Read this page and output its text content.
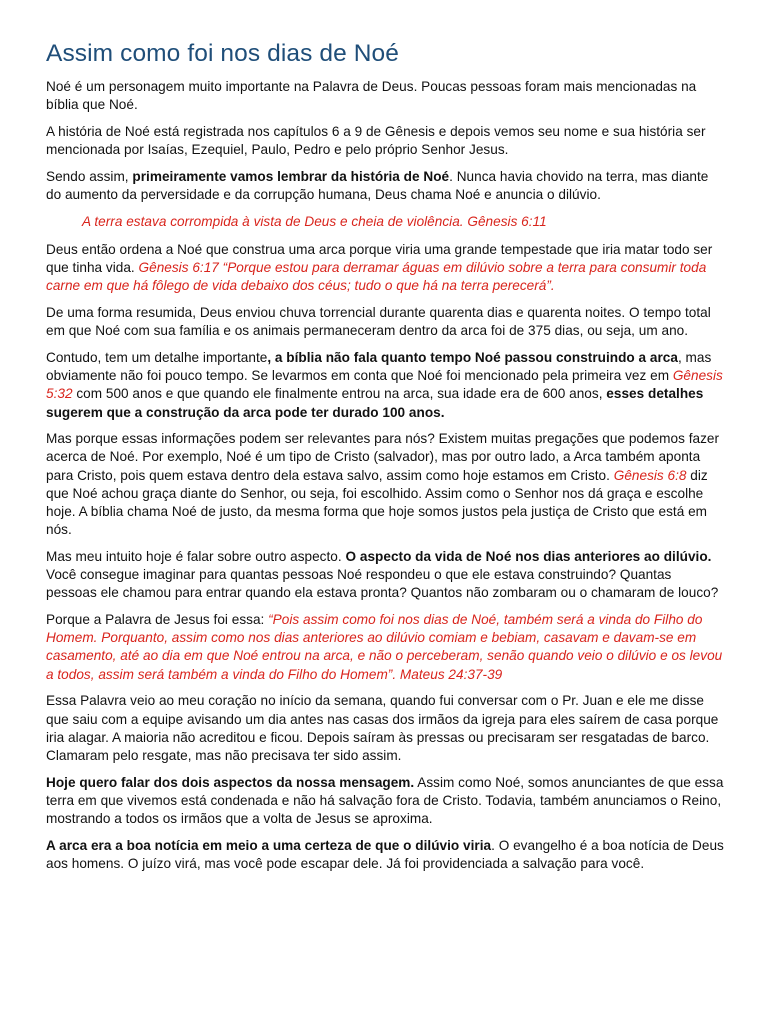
Assim como foi nos dias de Noé

Noé é um personagem muito importante na Palavra de Deus. Poucas pessoas foram mais mencionadas na bíblia que Noé.

A história de Noé está registrada nos capítulos 6 a 9 de Gênesis e depois vemos seu nome e sua história ser mencionada por Isaías, Ezequiel, Paulo, Pedro e pelo próprio Senhor Jesus.

Sendo assim, primeiramente vamos lembrar da história de Noé. Nunca havia chovido na terra, mas diante do aumento da perversidade e da corrupção humana, Deus chama Noé e anuncia o dilúvio.

A terra estava corrompida à vista de Deus e cheia de violência. Gênesis 6:11

Deus então ordena a Noé que construa uma arca porque viria uma grande tempestade que iria matar todo ser que tinha vida. Gênesis 6:17 “Porque estou para derramar águas em dilúvio sobre a terra para consumir toda carne em que há fôlego de vida debaixo dos céus; tudo o que há na terra perecerá”.

De uma forma resumida, Deus enviou chuva torrencial durante quarenta dias e quarenta noites. O tempo total em que Noé com sua família e os animais permaneceram dentro da arca foi de 375 dias, ou seja, um ano.

Contudo, tem um detalhe importante, a bíblia não fala quanto tempo Noé passou construindo a arca, mas obviamente não foi pouco tempo. Se levarmos em conta que Noé foi mencionado pela primeira vez em Gênesis 5:32 com 500 anos e que quando ele finalmente entrou na arca, sua idade era de 600 anos, esses detalhes sugerem que a construção da arca pode ter durado 100 anos.

Mas porque essas informações podem ser relevantes para nós? Existem muitas pregações que podemos fazer acerca de Noé. Por exemplo, Noé é um tipo de Cristo (salvador), mas por outro lado, a Arca também aponta para Cristo, pois quem estava dentro dela estava salvo, assim como hoje estamos em Cristo. Gênesis 6:8 diz que Noé achou graça diante do Senhor, ou seja, foi escolhido. Assim como o Senhor nos dá graça e escolhe hoje. A bíblia chama Noé de justo, da mesma forma que hoje somos justos pela justiça de Cristo que está em nós.

Mas meu intuito hoje é falar sobre outro aspecto. O aspecto da vida de Noé nos dias anteriores ao dilúvio. Você consegue imaginar para quantas pessoas Noé respondeu o que ele estava construindo? Quantas pessoas ele chamou para entrar quando ela estava pronta? Quantos não zombaram ou o chamaram de louco?

Porque a Palavra de Jesus foi essa: “Pois assim como foi nos dias de Noé, também será a vinda do Filho do Homem. Porquanto, assim como nos dias anteriores ao dilúvio comiam e bebiam, casavam e davam-se em casamento, até ao dia em que Noé entrou na arca, e não o perceberam, senão quando veio o dilúvio e os levou a todos, assim será também a vinda do Filho do Homem”. Mateus 24:37-39

Essa Palavra veio ao meu coração no início da semana, quando fui conversar com o Pr. Juan e ele me disse que saiu com a equipe avisando um dia antes nas casas dos irmãos da igreja para eles saírem de casa porque iria alagar. A maioria não acreditou e ficou. Depois saíram às pressas ou precisaram ser resgatadas de barco. Clamaram pelo resgate, mas não precisava ter sido assim.

Hoje quero falar dos dois aspectos da nossa mensagem. Assim como Noé, somos anunciantes de que essa terra em que vivemos está condenada e não há salvação fora de Cristo. Todavia, também anunciamos o Reino, mostrando a todos os irmãos que a volta de Jesus se aproxima.

A arca era a boa notícia em meio a uma certeza de que o dilúvio viria. O evangelho é a boa notícia de Deus aos homens. O juízo virá, mas você pode escapar dele. Já foi providenciada a salvação para você.
